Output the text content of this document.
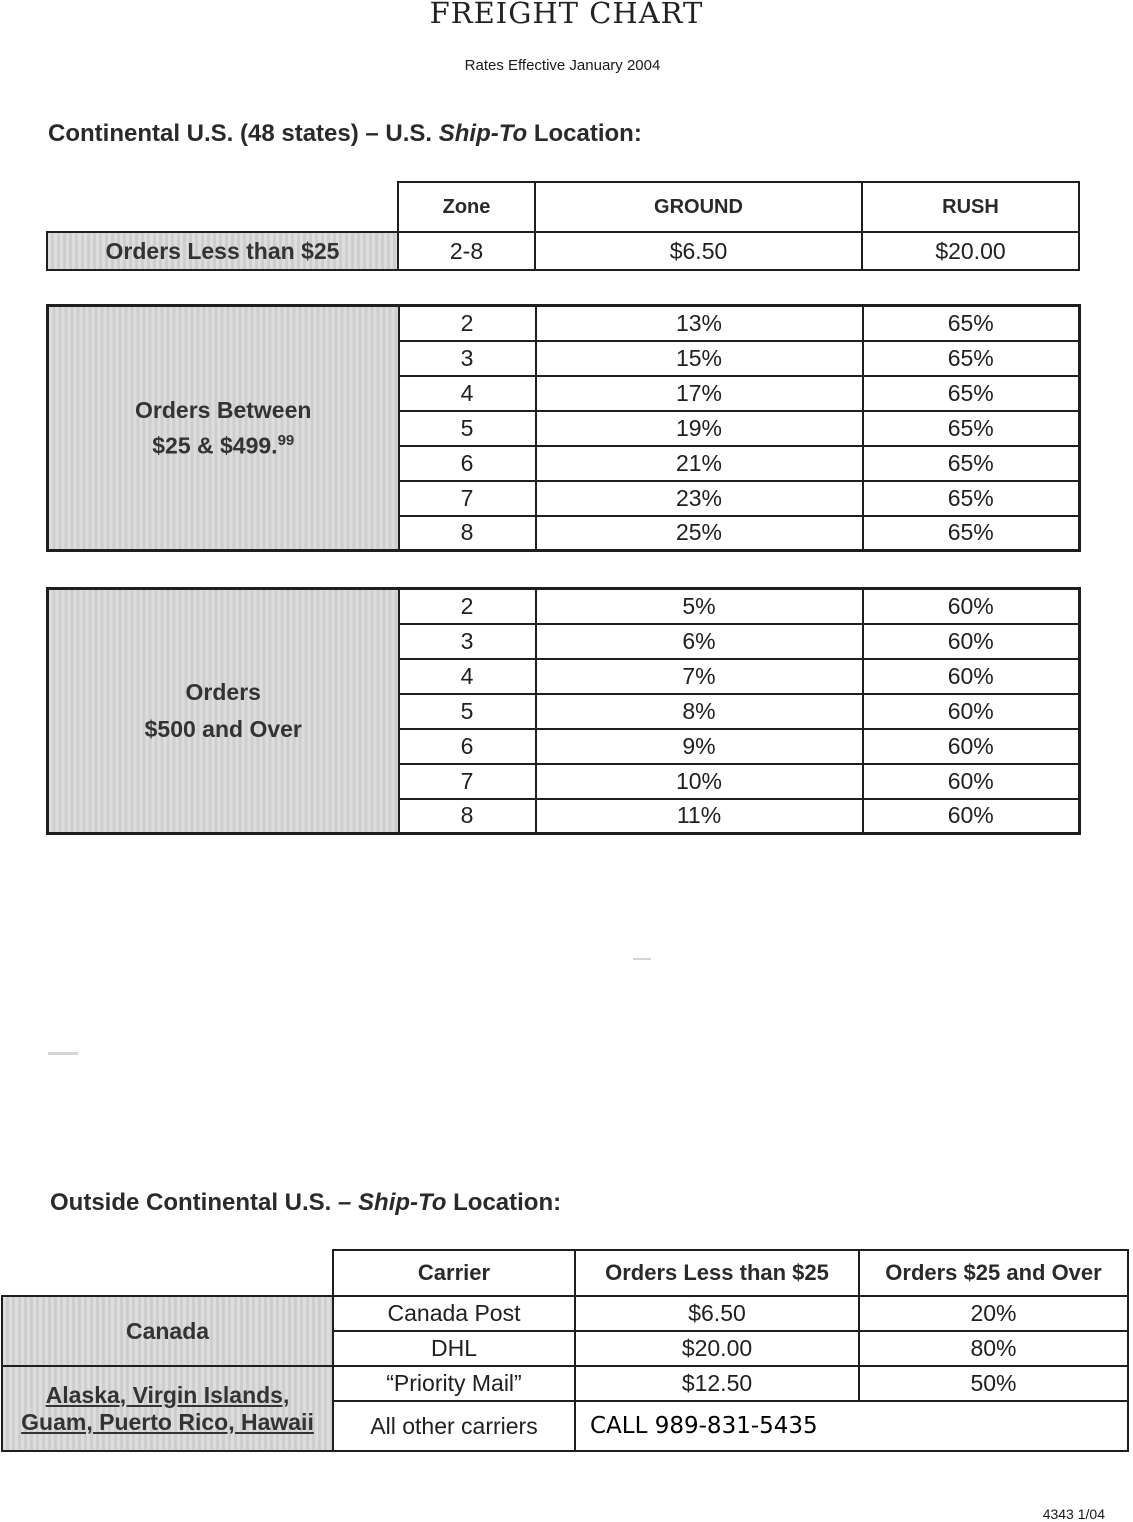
FREIGHT CHART
Rates Effective January 2004
Continental U.S. (48 states) – U.S. Ship-To Location:
	Zone	GROUND	RUSH
Orders Less than $25	2-8	$6.50	$20.00
Orders Between
$25 & $499.99	2	13%	65%
	3	15%	65%
	4	17%	65%
	5	19%	65%
	6	21%	65%
	7	23%	65%
	8	25%	65%
Orders
$500 and Over	2	5%	60%
	3	6%	60%
	4	7%	60%
	5	8%	60%
	6	9%	60%
	7	10%	60%
	8	11%	60%
Outside Continental U.S. – Ship-To Location:
	Carrier	Orders Less than $25	Orders $25 and Over
Canada	Canada Post	$6.50	20%
	DHL	$20.00	80%

Alaska, Virgin Islands,
Guam, Puerto Rico, Hawaii	“Priority Mail”	$12.50	50%
	All other carriers	CALL 989-831-5435	
4343 1/04
